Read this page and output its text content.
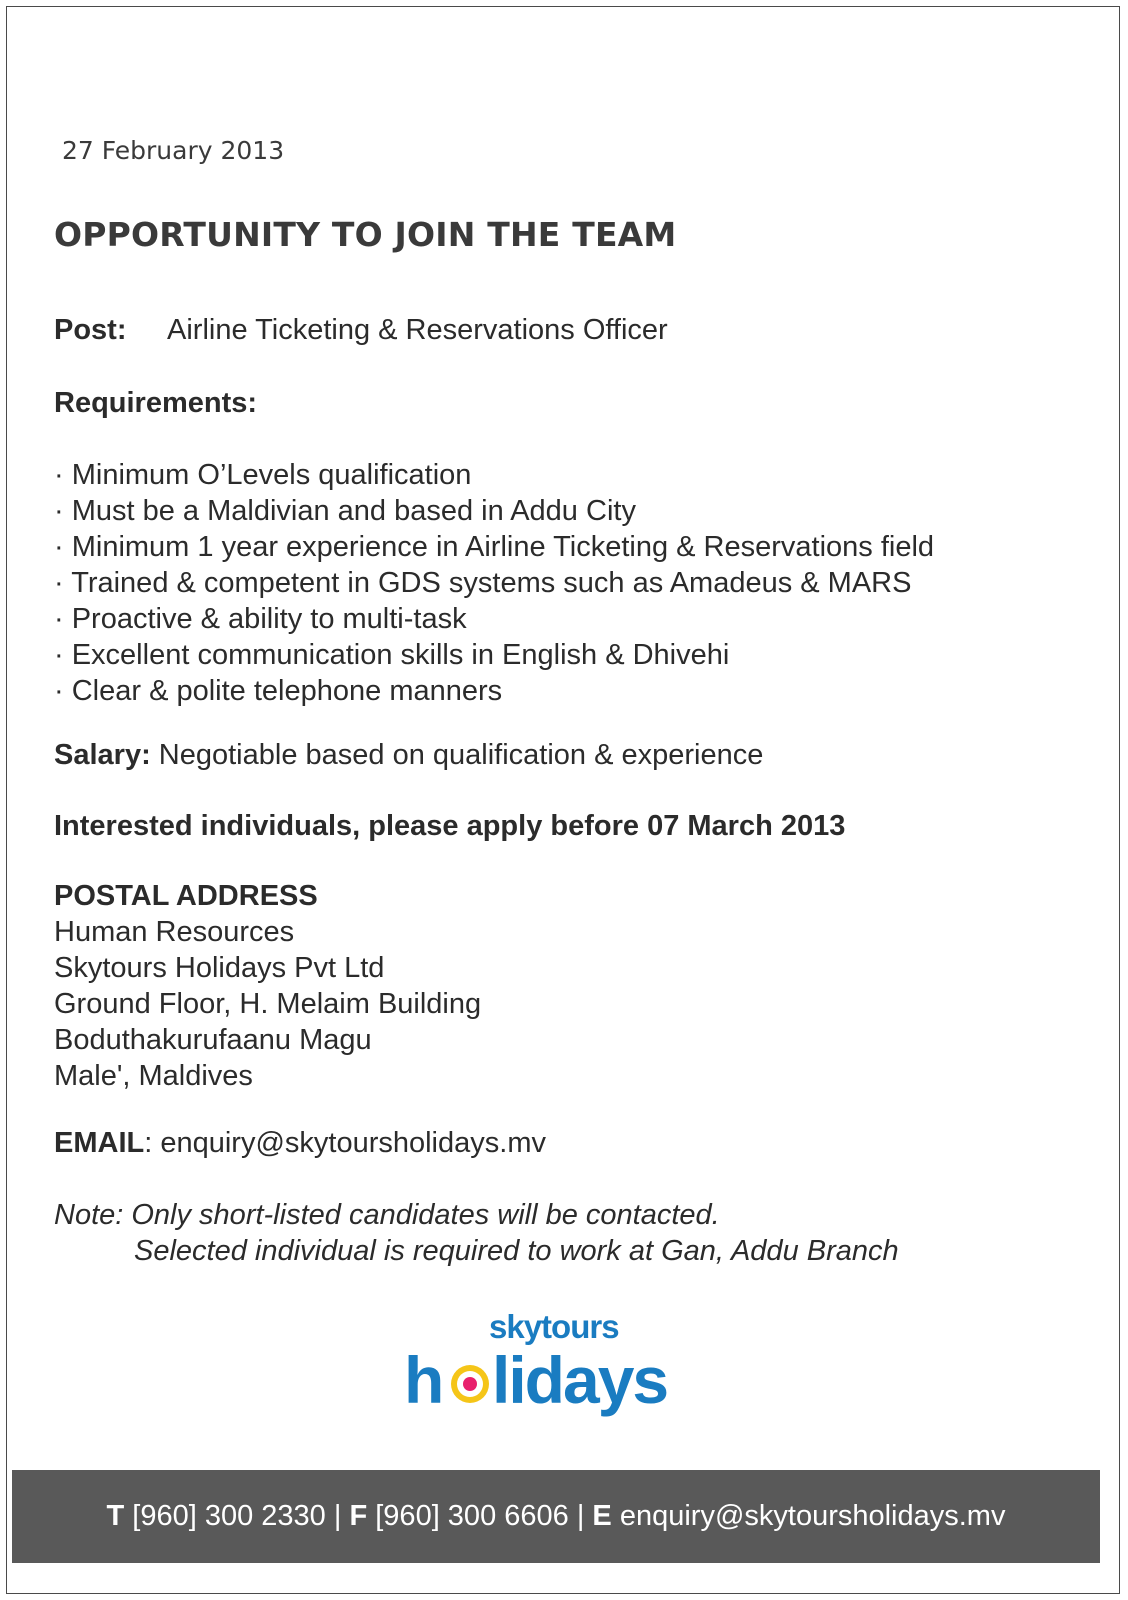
27 February 2013
OPPORTUNITY TO JOIN THE TEAM
Post: Airline Ticketing & Reservations Officer
Requirements:
· Minimum O’Levels qualification
· Must be a Maldivian and based in Addu City
· Minimum 1 year experience in Airline Ticketing & Reservations field
· Trained & competent in GDS systems such as Amadeus & MARS
· Proactive & ability to multi-task
· Excellent communication skills in English & Dhivehi
· Clear & polite telephone manners
Salary: Negotiable based on qualification & experience
Interested individuals, please apply before 07 March 2013
POSTAL ADDRESS
Human Resources
Skytours Holidays Pvt Ltd
Ground Floor, H. Melaim Building
Boduthakurufaanu Magu
Male', Maldives
EMAIL: enquiry@skytoursholidays.mv
Note: Only short-listed candidates will be contacted.
Selected individual is required to work at Gan, Addu Branch
skytours
h lidays
T
[960] 300 2330 |
F
[960] 300 6606 |
E
enquiry@skytoursholidays.mv
